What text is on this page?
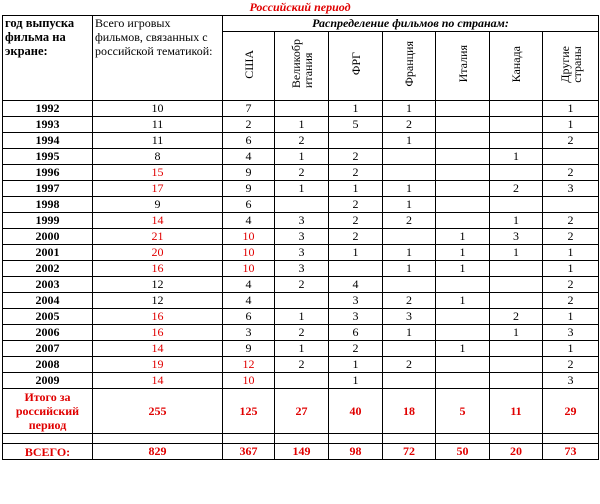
Российский период
год выпуска фильма на экране:	Всего игровых фильмов, связанных с российской тематикой:	Распределение фильмов по странам:						
		США	Великобр
итания	ФРГ	Франция	Италия	Канада	Другие
страны
1992	10	7		1	1			1
1993	11	2	1	5	2			1
1994	11	6	2		1			2
1995	8	4	1	2			1	
1996	15	9	2	2				2
1997	17	9	1	1	1		2	3
1998	9	6		2	1			
1999	14	4	3	2	2		1	2
2000	21	10	3	2		1	3	2
2001	20	10	3	1	1	1	1	1
2002	16	10	3		1	1		1
2003	12	4	2	4				2
2004	12	4		3	2	1		2
2005	16	6	1	3	3		2	1
2006	16	3	2	6	1		1	3
2007	14	9	1	2		1		1
2008	19	12	2	1	2			2
2009	14	10		1				3
Итого за российский период	255	125	27	40	18	5	11	29

ВСЕГО:	829	367	149	98	72	50	20	73
